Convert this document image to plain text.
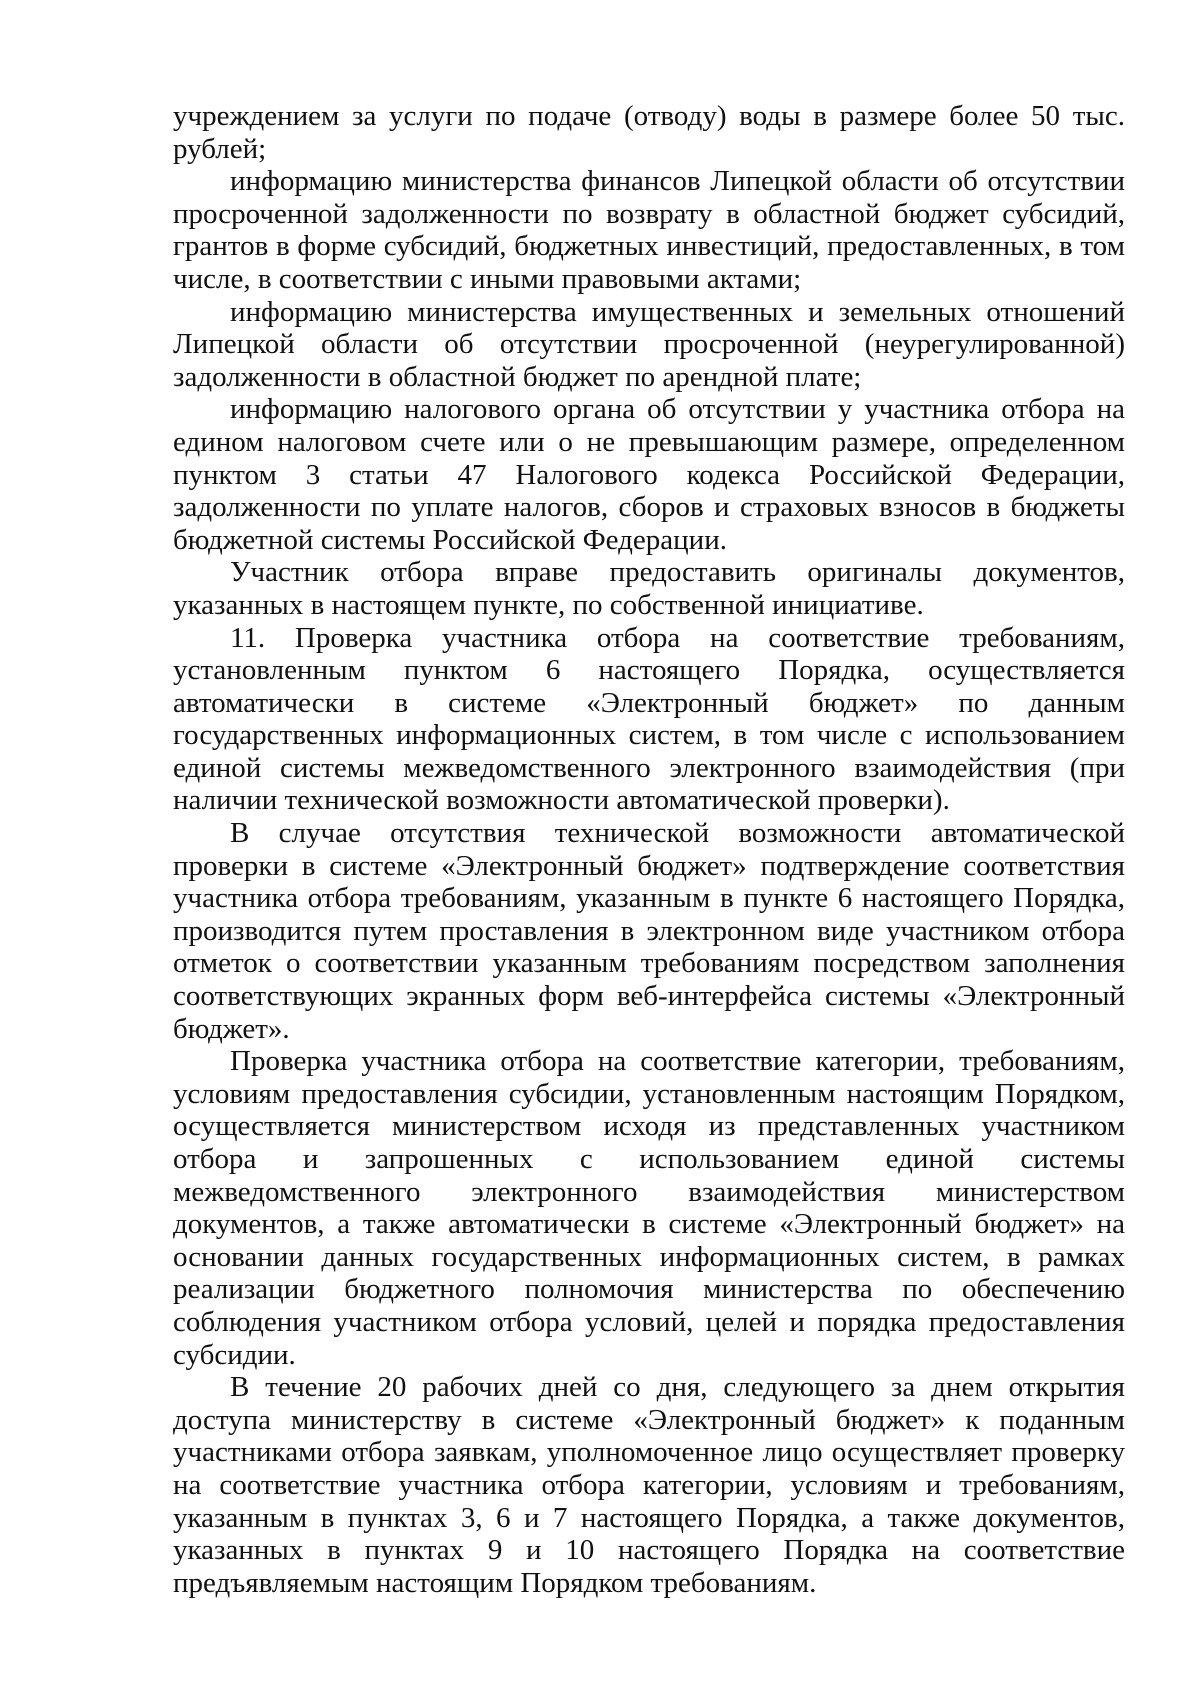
учреждением за услуги по подаче (отводу) воды в размере более 50 тыс. рублей;

информацию министерства финансов Липецкой области об отсутствии просроченной задолженности по возврату в областной бюджет субсидий, грантов в форме субсидий, бюджетных инвестиций, предоставленных, в том числе, в соответствии с иными правовыми актами;

информацию министерства имущественных и земельных отношений Липецкой области об отсутствии просроченной (неурегулированной) задолженности в областной бюджет по арендной плате;

информацию налогового органа об отсутствии у участника отбора на едином налоговом счете или о не превышающим размере, определенном пунктом 3 статьи 47 Налогового кодекса Российской Федерации, задолженности по уплате налогов, сборов и страховых взносов в бюджеты бюджетной системы Российской Федерации.

Участник отбора вправе предоставить оригиналы документов, указанных в настоящем пункте, по собственной инициативе.

11. Проверка участника отбора на соответствие требованиям, установленным пунктом 6 настоящего Порядка, осуществляется автоматически в системе «Электронный бюджет» по данным государственных информационных систем, в том числе с использованием единой системы межведомственного электронного взаимодействия (при наличии технической возможности автоматической проверки).

В случае отсутствия технической возможности автоматической проверки в системе «Электронный бюджет» подтверждение соответствия участника отбора требованиям, указанным в пункте 6 настоящего Порядка, производится путем проставления в электронном виде участником отбора отметок о соответствии указанным требованиям посредством заполнения соответствующих экранных форм веб-интерфейса системы «Электронный бюджет».

Проверка участника отбора на соответствие категории, требованиям, условиям предоставления субсидии, установленным настоящим Порядком, осуществляется министерством исходя из представленных участником отбора и запрошенных с использованием единой системы межведомственного электронного взаимодействия министерством документов, а также автоматически в системе «Электронный бюджет» на основании данных государственных информационных систем, в рамках реализации бюджетного полномочия министерства по обеспечению соблюдения участником отбора условий, целей и порядка предоставления субсидии.

В течение 20 рабочих дней со дня, следующего за днем открытия доступа министерству в системе «Электронный бюджет» к поданным участниками отбора заявкам, уполномоченное лицо осуществляет проверку на соответствие участника отбора категории, условиям и требованиям, указанным в пунктах 3, 6 и 7 настоящего Порядка, а также документов, указанных в пунктах 9 и 10 настоящего Порядка на соответствие предъявляемым настоящим Порядком требованиям.
